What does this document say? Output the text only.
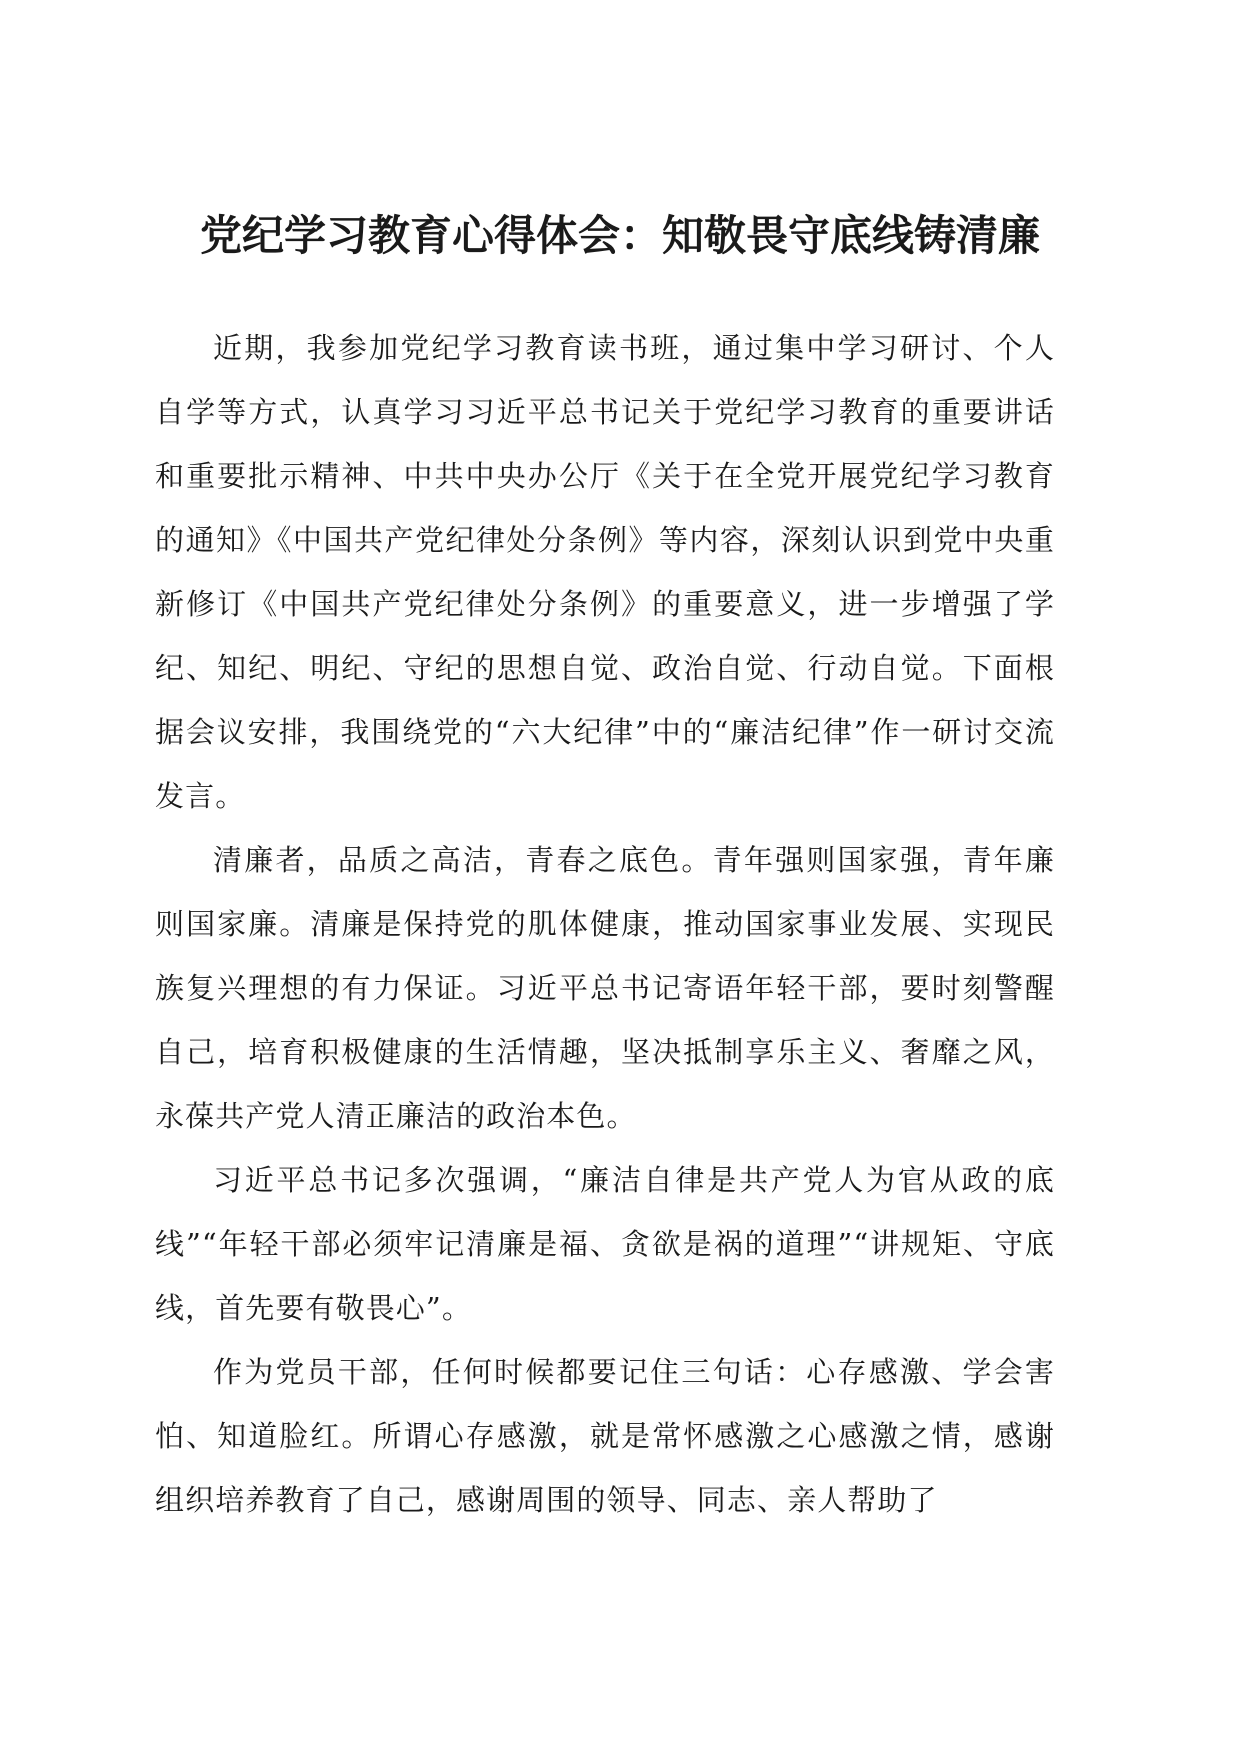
党纪学习教育心得体会：知敬畏守底线铸清廉

近期，我参加党纪学习教育读书班，通过集中学习研讨、个人自学等方式，认真学习习近平总书记关于党纪学习教育的重要讲话和重要批示精神、中共中央办公厅《关于在全党开展党纪学习教育的通知》《中国共产党纪律处分条例》等内容，深刻认识到党中央重新修订《中国共产党纪律处分条例》的重要意义，进一步增强了学纪、知纪、明纪、守纪的思想自觉、政治自觉、行动自觉。下面根据会议安排，我围绕党的“六大纪律”中的“廉洁纪律”作一研讨交流发言。

清廉者，品质之高洁，青春之底色。青年强则国家强，青年廉则国家廉。清廉是保持党的肌体健康，推动国家事业发展、实现民族复兴理想的有力保证。习近平总书记寄语年轻干部，要时刻警醒自己，培育积极健康的生活情趣，坚决抵制享乐主义、奢靡之风，永葆共产党人清正廉洁的政治本色。

习近平总书记多次强调，“廉洁自律是共产党人为官从政的底线”“年轻干部必须牢记清廉是福、贪欲是祸的道理”“讲规矩、守底线，首先要有敬畏心”。

作为党员干部，任何时候都要记住三句话：心存感激、学会害怕、知道脸红。所谓心存感激，就是常怀感激之心感激之情，感谢组织培养教育了自己，感谢周围的领导、同志、亲人帮助了
